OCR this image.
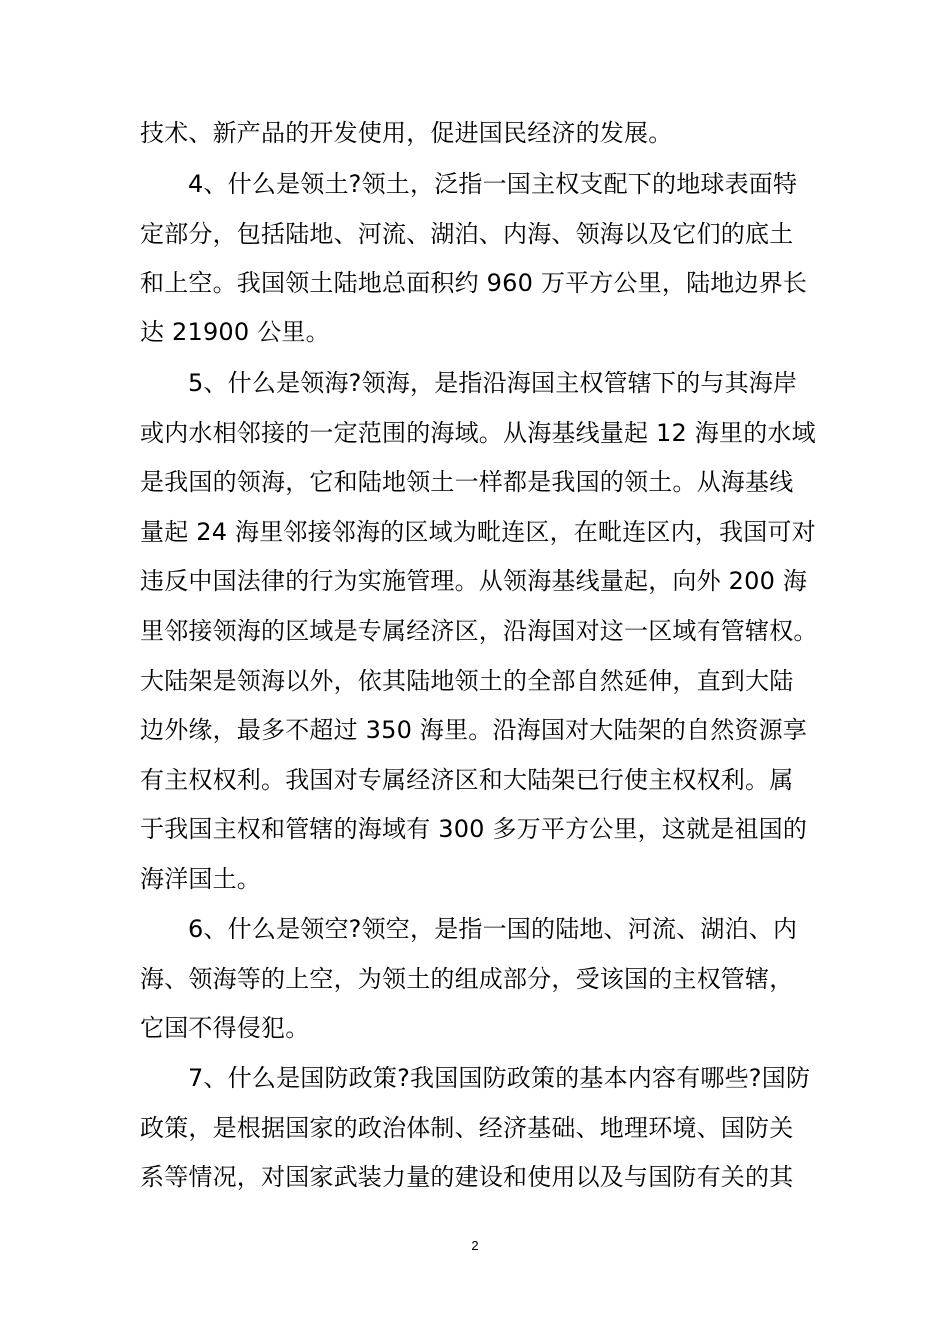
技术、新产品的开发使用，促进国民经济的发展。
4、什么是领土?领土，泛指一国主权支配下的地球表面特
定部分，包括陆地、河流、湖泊、内海、领海以及它们的底土
和上空。我国领土陆地总面积约 960 万平方公里，陆地边界长
达 21900 公里。
5、什么是领海?领海，是指沿海国主权管辖下的与其海岸
或内水相邻接的一定范围的海域。从海基线量起 12 海里的水域
是我国的领海，它和陆地领土一样都是我国的领土。从海基线
量起 24 海里邻接邻海的区域为毗连区，在毗连区内，我国可对
违反中国法律的行为实施管理。从领海基线量起，向外 200 海
里邻接领海的区域是专属经济区，沿海国对这一区域有管辖权。
大陆架是领海以外，依其陆地领土的全部自然延伸，直到大陆
边外缘，最多不超过 350 海里。沿海国对大陆架的自然资源享
有主权权利。我国对专属经济区和大陆架已行使主权权利。属
于我国主权和管辖的海域有 300 多万平方公里，这就是祖国的
海洋国土。
6、什么是领空?领空，是指一国的陆地、河流、湖泊、内
海、领海等的上空，为领土的组成部分，受该国的主权管辖，
它国不得侵犯。
7、什么是国防政策?我国国防政策的基本内容有哪些?国防
政策，是根据国家的政治体制、经济基础、地理环境、国防关
系等情况，对国家武装力量的建设和使用以及与国防有关的其
2
